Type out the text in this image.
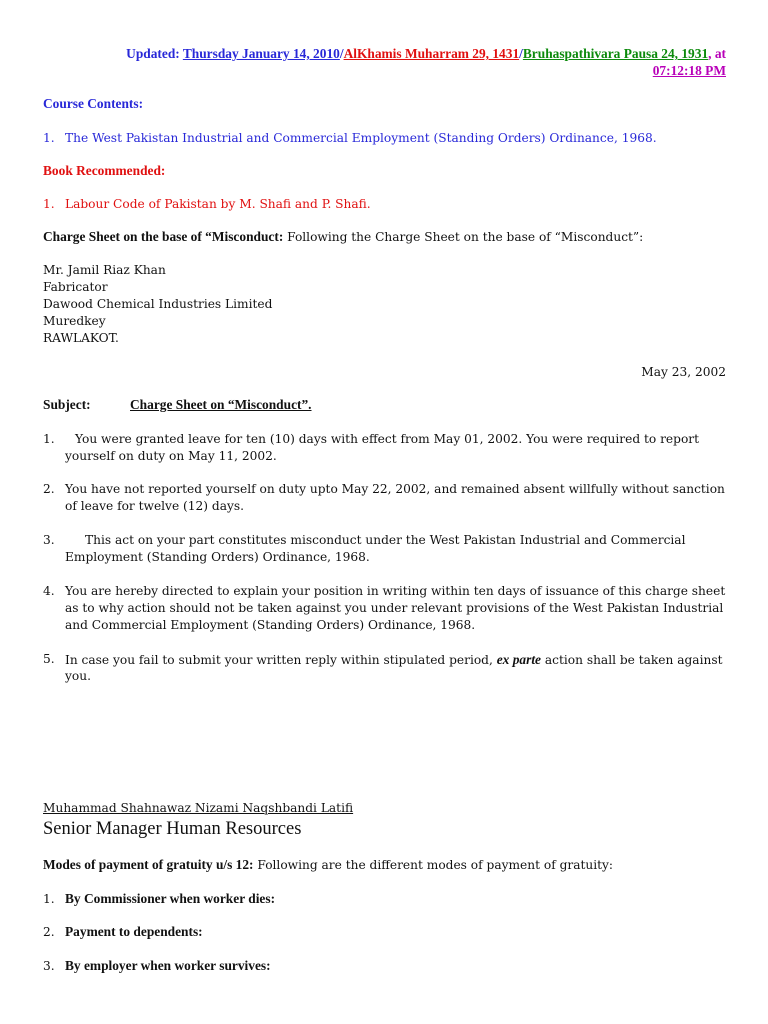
Updated: Thursday January 14, 2010/AlKhamis Muharram 29, 1431/Bruhaspathivara Pausa 24, 1931, at
07:12:18 PM
Course Contents:
1. The West Pakistan Industrial and Commercial Employment (Standing Orders) Ordinance, 1968.
Book Recommended:
1. Labour Code of Pakistan by M. Shafi and P. Shafi.
Charge Sheet on the base of “Misconduct: Following the Charge Sheet on the base of “Misconduct”:
Mr. Jamil Riaz Khan
Fabricator
Dawood Chemical Industries Limited
Muredkey
RAWLAKOT.
May 23, 2002
Subject:	Charge Sheet on “Misconduct”.
1.	You were granted leave for ten (10) days with effect from May 01, 2002. You were required to report
yourself on duty on May 11, 2002.
2. You have not reported yourself on duty upto May 22, 2002, and remained absent willfully without sanction
of leave for twelve (12) days.
3.	This act on your part constitutes misconduct under the West Pakistan Industrial and Commercial
Employment (Standing Orders) Ordinance, 1968.
4. You are hereby directed to explain your position in writing within ten days of issuance of this charge sheet
as to why action should not be taken against you under relevant provisions of the West Pakistan Industrial
and Commercial Employment (Standing Orders) Ordinance, 1968.
5. In case you fail to submit your written reply within stipulated period, ex parte action shall be taken against
you.
Muhammad Shahnawaz Nizami Naqshbandi Latifi
Senior Manager Human Resources
Modes of payment of gratuity u/s 12: Following are the different modes of payment of gratuity:
1. By Commissioner when worker dies:
2. Payment to dependents:
3. By employer when worker survives:
